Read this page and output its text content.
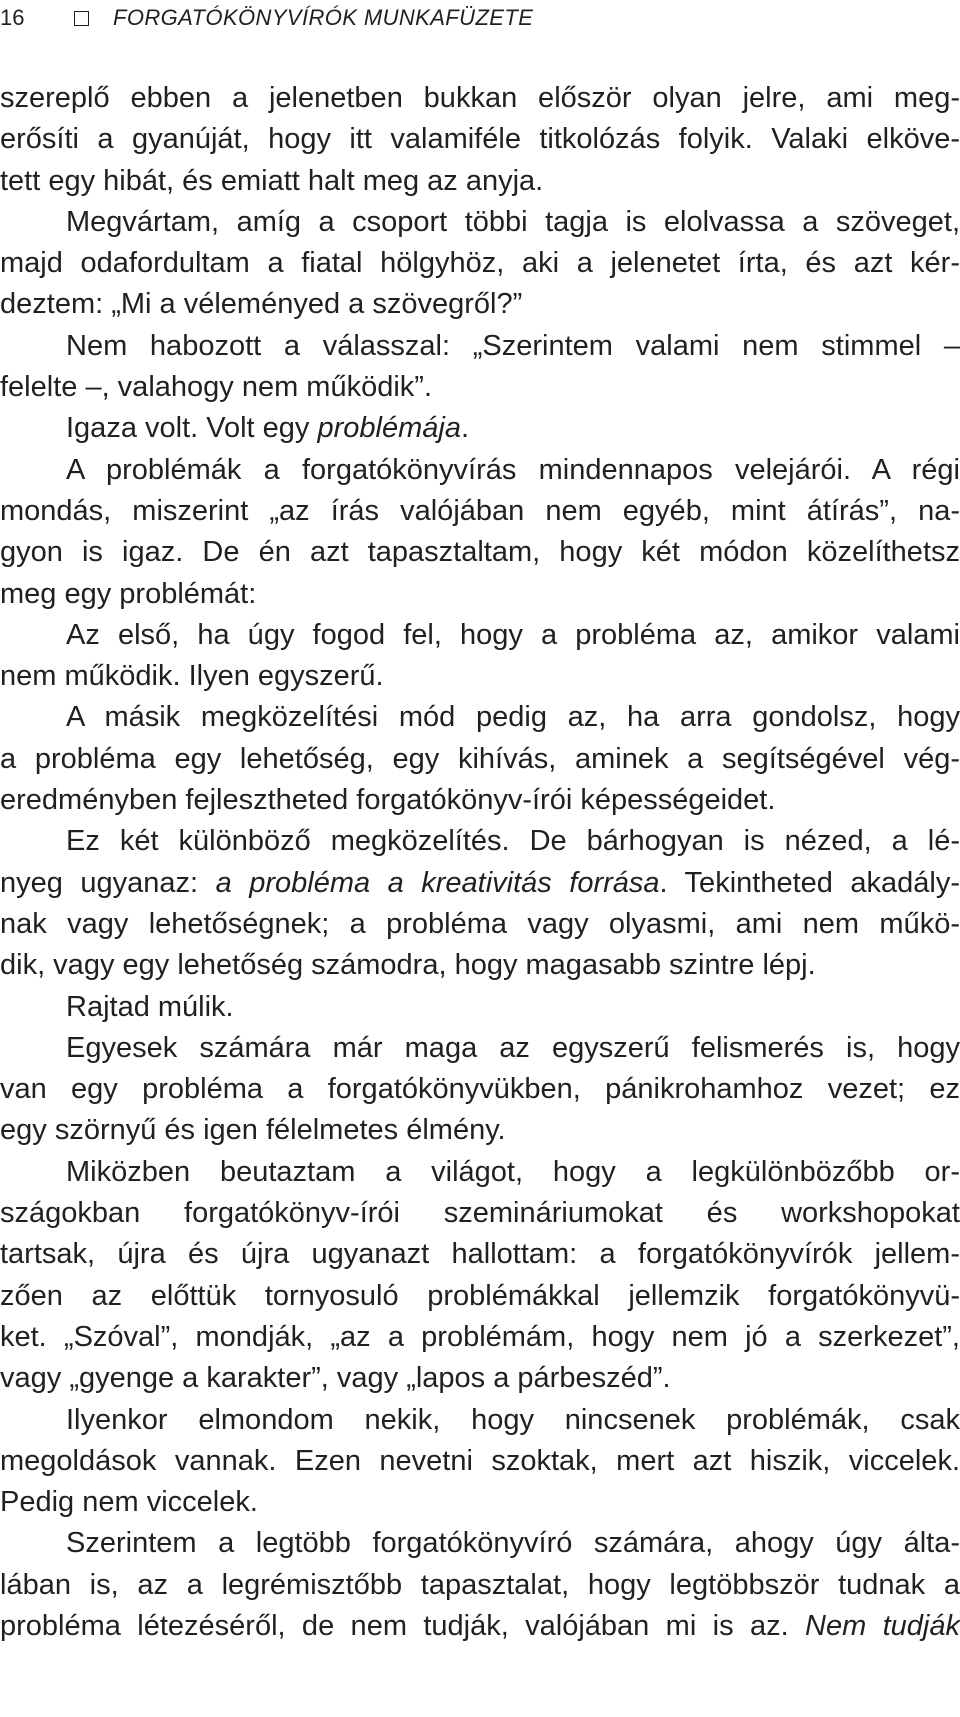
16	FORGATÓKÖNYVÍRÓK MUNKAFÜZETE
szereplő ebben a jelenetben bukkan először olyan jelre, ami meg-
erősíti a gyanúját, hogy itt valamiféle titkolózás folyik. Valaki elköve-
tett egy hibát, és emiatt halt meg az anyja.
Megvártam, amíg a csoport többi tagja is elolvassa a szöveget,
majd odafordultam a fiatal hölgyhöz, aki a jelenetet írta, és azt kér-
deztem: „Mi a véleményed a szövegről?”
Nem habozott a válasszal: „Szerintem valami nem stimmel –
felelte –, valahogy nem működik”.
Igaza volt. Volt egy problémája.
A problémák a forgatókönyvírás mindennapos velejárói. A régi
mondás, miszerint „az írás valójában nem egyéb, mint átírás”, na-
gyon is igaz. De én azt tapasztaltam, hogy két módon közelíthetsz
meg egy problémát:
Az első, ha úgy fogod fel, hogy a probléma az, amikor valami
nem működik. Ilyen egyszerű.
A másik megközelítési mód pedig az, ha arra gondolsz, hogy
a probléma egy lehetőség, egy kihívás, aminek a segítségével vég-
eredményben fejlesztheted forgatókönyv-írói képességeidet.
Ez két különböző megközelítés. De bárhogyan is nézed, a lé-
nyeg ugyanaz: a probléma a kreativitás forrása. Tekintheted akadály-
nak vagy lehetőségnek; a probléma vagy olyasmi, ami nem műkö-
dik, vagy egy lehetőség számodra, hogy magasabb szintre lépj.
Rajtad múlik.
Egyesek számára már maga az egyszerű felismerés is, hogy
van egy probléma a forgatókönyvükben, pánikrohamhoz vezet; ez
egy szörnyű és igen félelmetes élmény.
Miközben beutaztam a világot, hogy a legkülönbözőbb or-
szágokban forgatókönyv-írói szemináriumokat és workshopokat
tartsak, újra és újra ugyanazt hallottam: a forgatókönyvírók jellem-
zően az előttük tornyosuló problémákkal jellemzik forgatókönyvü-
ket. „Szóval”, mondják, „az a problémám, hogy nem jó a szerkezet”,
vagy „gyenge a karakter”, vagy „lapos a párbeszéd”.
Ilyenkor elmondom nekik, hogy nincsenek problémák, csak
megoldások vannak. Ezen nevetni szoktak, mert azt hiszik, viccelek.
Pedig nem viccelek.
Szerintem a legtöbb forgatókönyvíró számára, ahogy úgy álta-
lában is, az a legrémisztőbb tapasztalat, hogy legtöbbször tudnak a
probléma létezéséről, de nem tudják, valójában mi is az. Nem tudják
